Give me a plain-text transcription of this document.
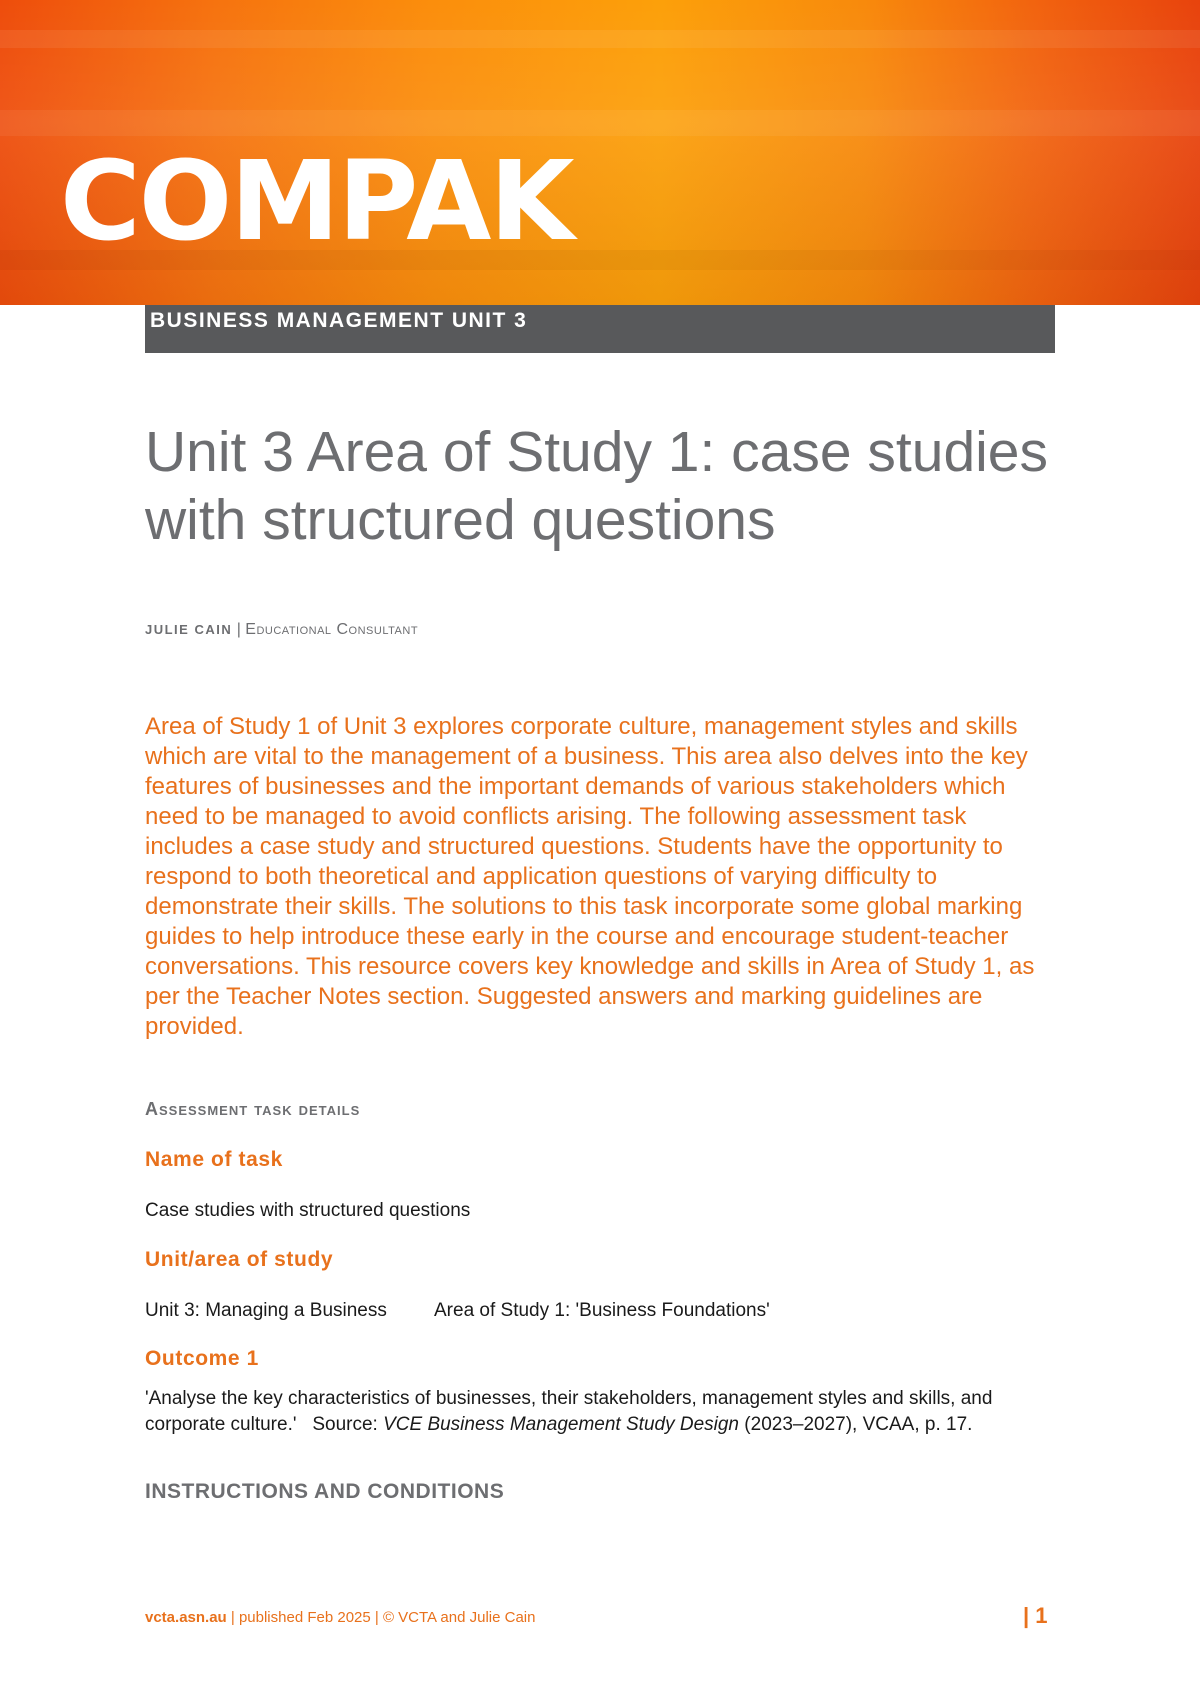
COMPAK
BUSINESS MANAGEMENT UNIT 3
Unit 3 Area of Study 1: case studies with structured questions
JULIE CAIN | Educational Consultant

Area of Study 1 of Unit 3 explores corporate culture, management styles and skills which are vital to the management of a business. This area also delves into the key features of businesses and the important demands of various stakeholders which need to be managed to avoid conflicts arising. The following assessment task includes a case study and structured questions. Students have the opportunity to respond to both theoretical and application questions of varying difficulty to demonstrate their skills. The solutions to this task incorporate some global marking guides to help introduce these early in the course and encourage student-teacher conversations. This resource covers key knowledge and skills in Area of Study 1, as per the Teacher Notes section. Suggested answers and marking guidelines are provided.

Assessment task details
Name of task
Case studies with structured questions
Unit/area of study
Unit 3: Managing a Business Area of Study 1: 'Business Foundations'
Outcome 1
'Analyse the key characteristics of businesses, their stakeholders, management styles and skills, and corporate culture.' Source: VCE Business Management Study Design (2023–2027), VCAA, p. 17.
INSTRUCTIONS AND CONDITIONS
vcta.asn.au | published Feb 2025 | © VCTA and Julie Cain	| 1
